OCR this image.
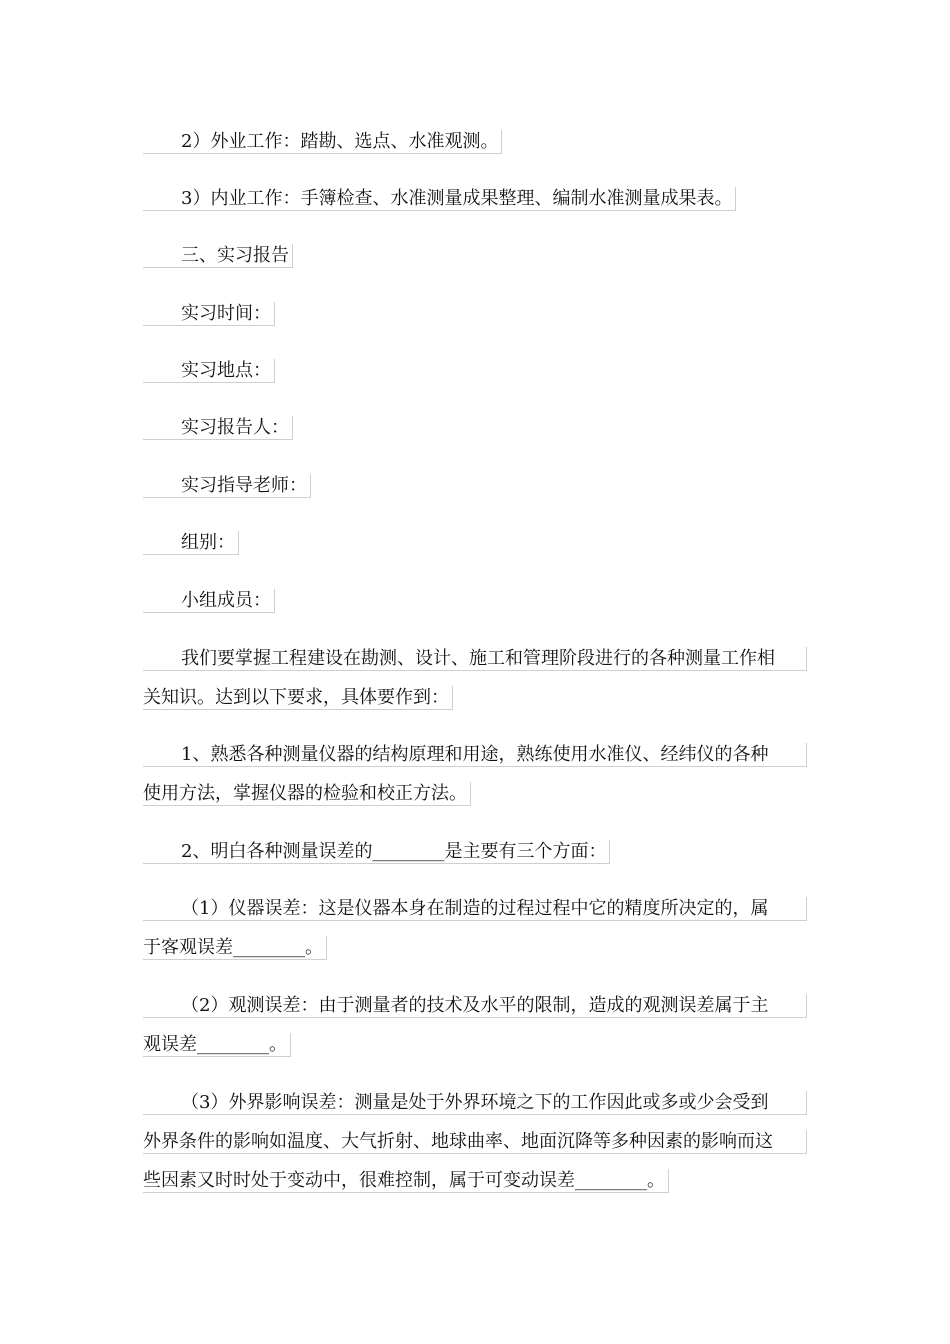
2）外业工作：踏勘、选点、水准观测。
3）内业工作：手簿检查、水准测量成果整理、编制水准测量成果表。
三、实习报告
实习时间：
实习地点：
实习报告人：
实习指导老师：
组别：
小组成员：
我们要掌握工程建设在勘测、设计、施工和管理阶段进行的各种测量工作相
关知识。达到以下要求，具体要作到：
1、熟悉各种测量仪器的结构原理和用途，熟练使用水准仪、经纬仪的各种
使用方法，掌握仪器的检验和校正方法。
2、明白各种测量误差的________是主要有三个方面：
（1）仪器误差：这是仪器本身在制造的过程过程中它的精度所决定的，属
于客观误差________。
（2）观测误差：由于测量者的技术及水平的限制，造成的观测误差属于主
观误差________。
（3）外界影响误差：测量是处于外界环境之下的工作因此或多或少会受到
外界条件的影响如温度、大气折射、地球曲率、地面沉降等多种因素的影响而这
些因素又时时处于变动中，很难控制，属于可变动误差________。
